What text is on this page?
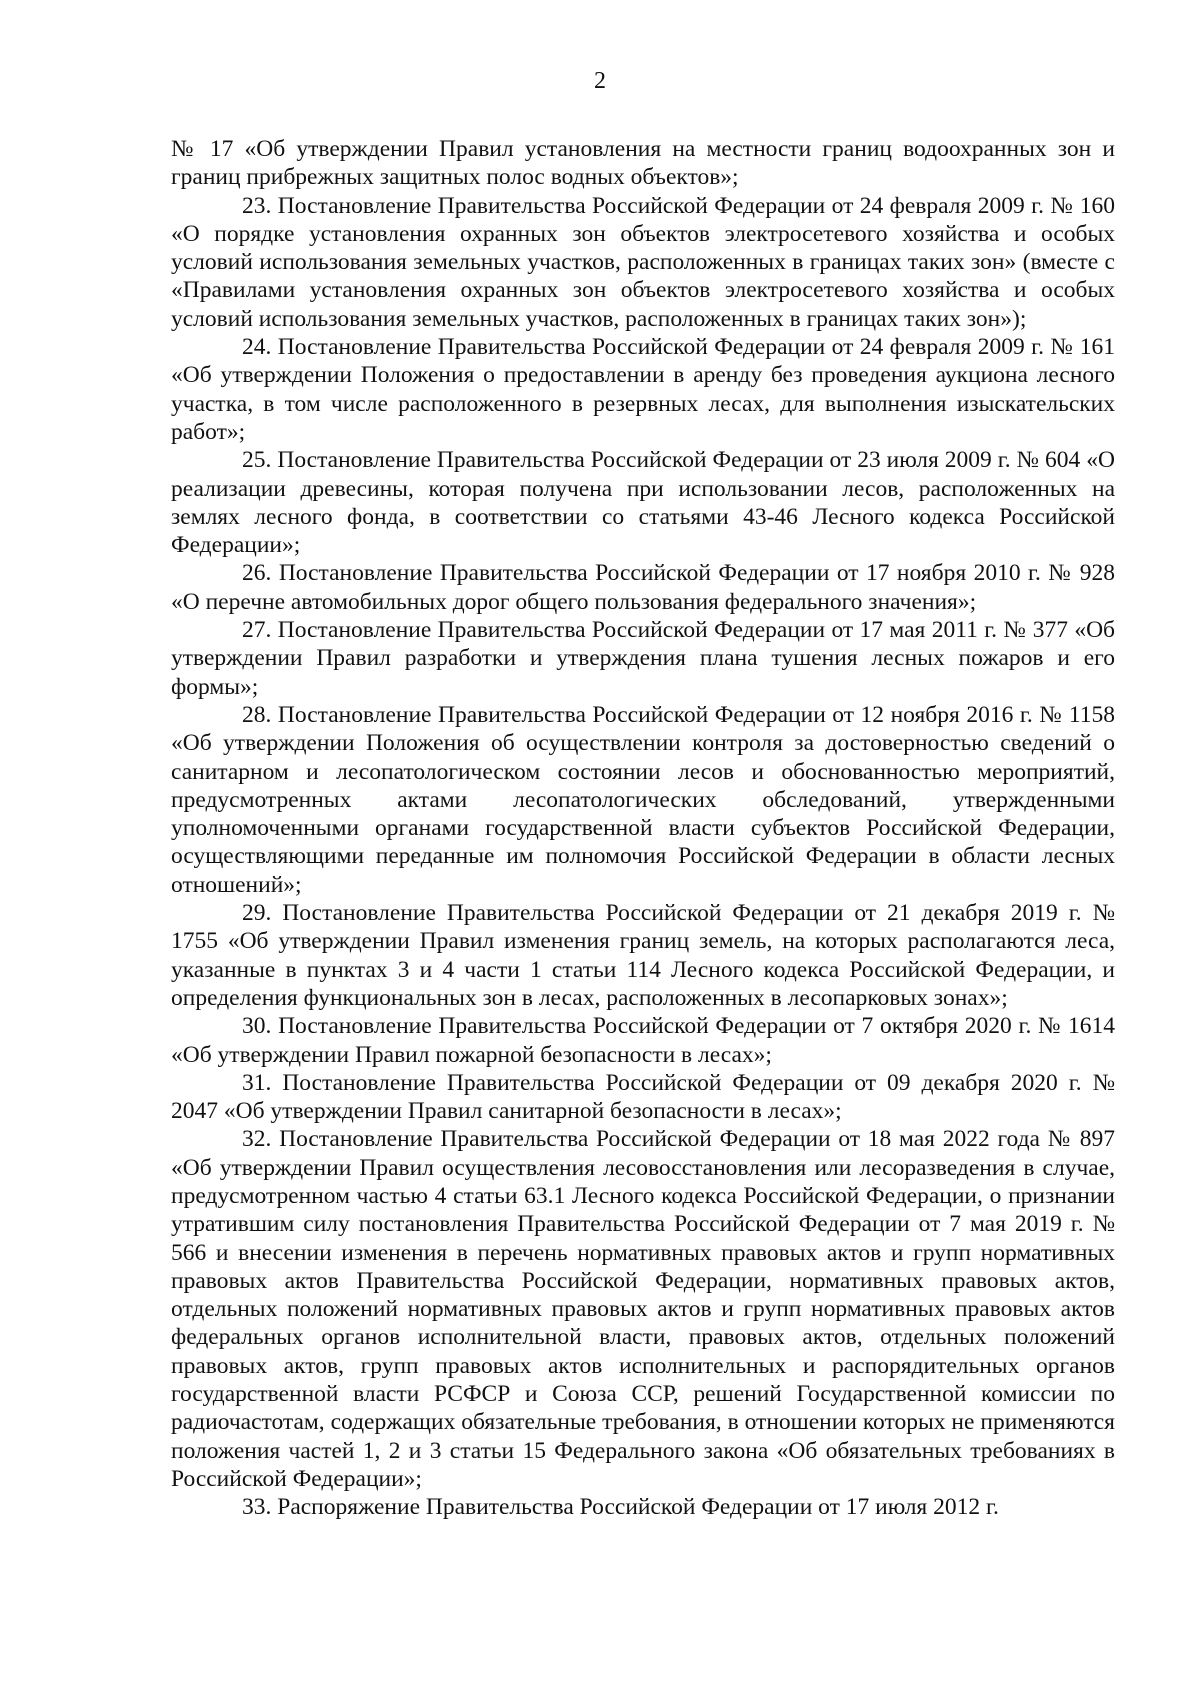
2

№ 17 «Об утверждении Правил установления на местности границ водоохранных зон и границ прибрежных защитных полос водных объектов»;

23. Постановление Правительства Российской Федерации от 24 февраля 2009 г. № 160 «О порядке установления охранных зон объектов электросетевого хозяйства и особых условий использования земельных участков, расположенных в границах таких зон» (вместе с «Правилами установления охранных зон объектов электросетевого хозяйства и особых условий использования земельных участков, расположенных в границах таких зон»);

24. Постановление Правительства Российской Федерации от 24 февраля 2009 г. № 161 «Об утверждении Положения о предоставлении в аренду без проведения аукциона лесного участка, в том числе расположенного в резервных лесах, для выполнения изыскательских работ»;

25. Постановление Правительства Российской Федерации от 23 июля 2009 г. № 604 «О реализации древесины, которая получена при использовании лесов, расположенных на землях лесного фонда, в соответствии со статьями 43-46 Лесного кодекса Российской Федерации»;

26. Постановление Правительства Российской Федерации от 17 ноября 2010 г. № 928 «О перечне автомобильных дорог общего пользования федерального значения»;

27. Постановление Правительства Российской Федерации от 17 мая 2011 г. № 377 «Об утверждении Правил разработки и утверждения плана тушения лесных пожаров и его формы»;

28. Постановление Правительства Российской Федерации от 12 ноября 2016 г. № 1158 «Об утверждении Положения об осуществлении контроля за достоверностью сведений о санитарном и лесопатологическом состоянии лесов и обоснованностью мероприятий, предусмотренных актами лесопатологических обследований, утвержденными уполномоченными органами государственной власти субъектов Российской Федерации, осуществляющими переданные им полномочия Российской Федерации в области лесных отношений»;

29. Постановление Правительства Российской Федерации от 21 декабря 2019 г. № 1755 «Об утверждении Правил изменения границ земель, на которых располагаются леса, указанные в пунктах 3 и 4 части 1 статьи 114 Лесного кодекса Российской Федерации, и определения функциональных зон в лесах, расположенных в лесопарковых зонах»;

30. Постановление Правительства Российской Федерации от 7 октября 2020 г. № 1614 «Об утверждении Правил пожарной безопасности в лесах»;

31. Постановление Правительства Российской Федерации от 09 декабря 2020 г. № 2047 «Об утверждении Правил санитарной безопасности в лесах»;

32. Постановление Правительства Российской Федерации от 18 мая 2022 года № 897 «Об утверждении Правил осуществления лесовосстановления или лесоразведения в случае, предусмотренном частью 4 статьи 63.1 Лесного кодекса Российской Федерации, о признании утратившим силу постановления Правительства Российской Федерации от 7 мая 2019 г. № 566 и внесении изменения в перечень нормативных правовых актов и групп нормативных правовых актов Правительства Российской Федерации, нормативных правовых актов, отдельных положений нормативных правовых актов и групп нормативных правовых актов федеральных органов исполнительной власти, правовых актов, отдельных положений правовых актов, групп правовых актов исполнительных и распорядительных органов государственной власти РСФСР и Союза ССР, решений Государственной комиссии по радиочастотам, содержащих обязательные требования, в отношении которых не применяются положения частей 1, 2 и 3 статьи 15 Федерального закона «Об обязательных требованиях в Российской Федерации»;

33. Распоряжение Правительства Российской Федерации от 17 июля 2012 г.
